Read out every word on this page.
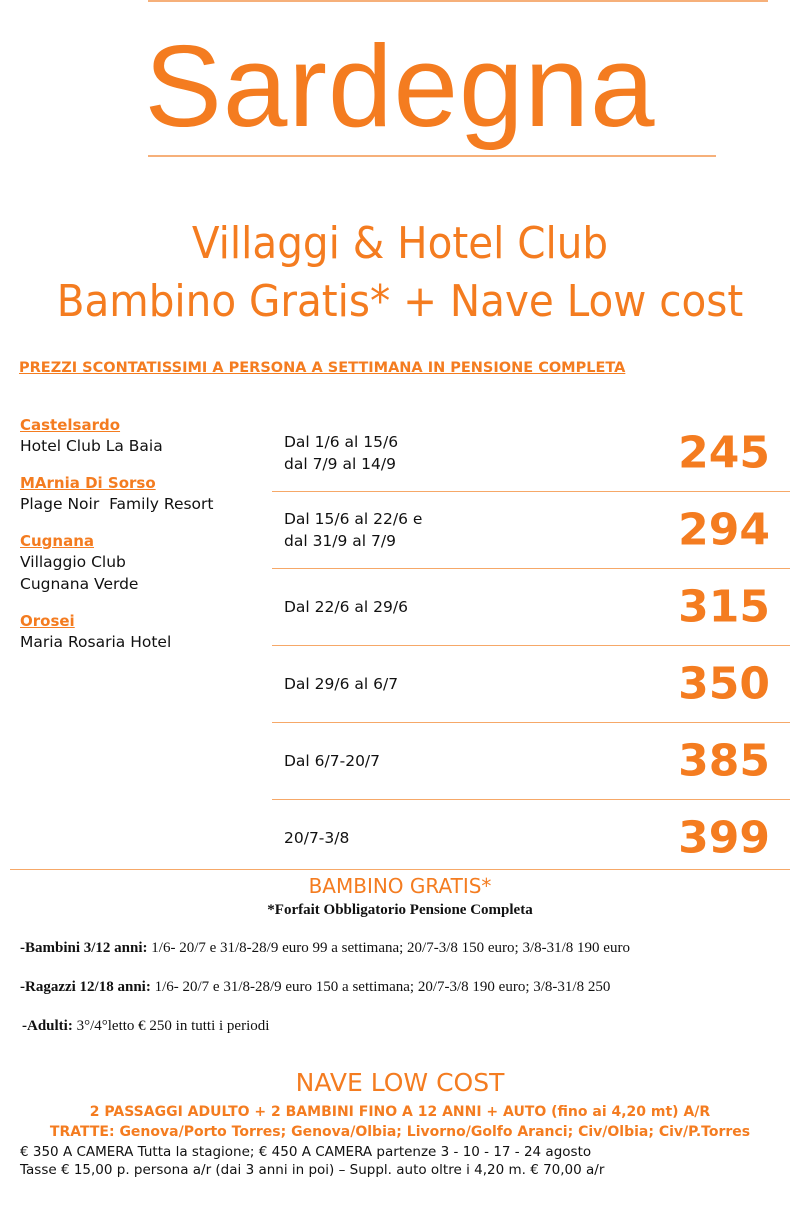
Sardegna
Villaggi & Hotel Club
Bambino Gratis* + Nave Low cost
PREZZI SCONTATISSIMI A PERSONA A SETTIMANA IN PENSIONE COMPLETA
Castelsardo
Hotel Club La Baia
MArnia Di Sorso
Plage Noir  Family Resort
Cugnana
Villaggio Club
Cugnana Verde
Orosei
Maria Rosaria Hotel
Dal 1/6 al 15/6
dal 7/9 al 14/9	245
Dal 15/6 al 22/6 e
dal 31/9 al 7/9	294
Dal 22/6 al 29/6	315
Dal 29/6 al 6/7	350
Dal 6/7-20/7	385
20/7-3/8	399
BAMBINO GRATIS*
*Forfait Obbligatorio Pensione Completa
-Bambini 3/12 anni: 1/6- 20/7 e 31/8-28/9 euro 99 a settimana; 20/7-3/8 150 euro; 3/8-31/8 190 euro
-Ragazzi 12/18 anni: 1/6- 20/7 e 31/8-28/9 euro 150 a settimana; 20/7-3/8 190 euro; 3/8-31/8 250
-Adulti: 3°/4°letto € 250 in tutti i periodi
NAVE LOW COST
2 PASSAGGI ADULTO + 2 BAMBINI FINO A 12 ANNI + AUTO (fino ai 4,20 mt) A/R
TRATTE: Genova/Porto Torres; Genova/Olbia; Livorno/Golfo Aranci; Civ/Olbia; Civ/P.Torres
€ 350 A CAMERA Tutta la stagione; € 450 A CAMERA partenze 3 - 10 - 17 - 24 agosto
Tasse € 15,00 p. persona a/r (dai 3 anni in poi) – Suppl. auto oltre i 4,20 m. € 70,00 a/r
